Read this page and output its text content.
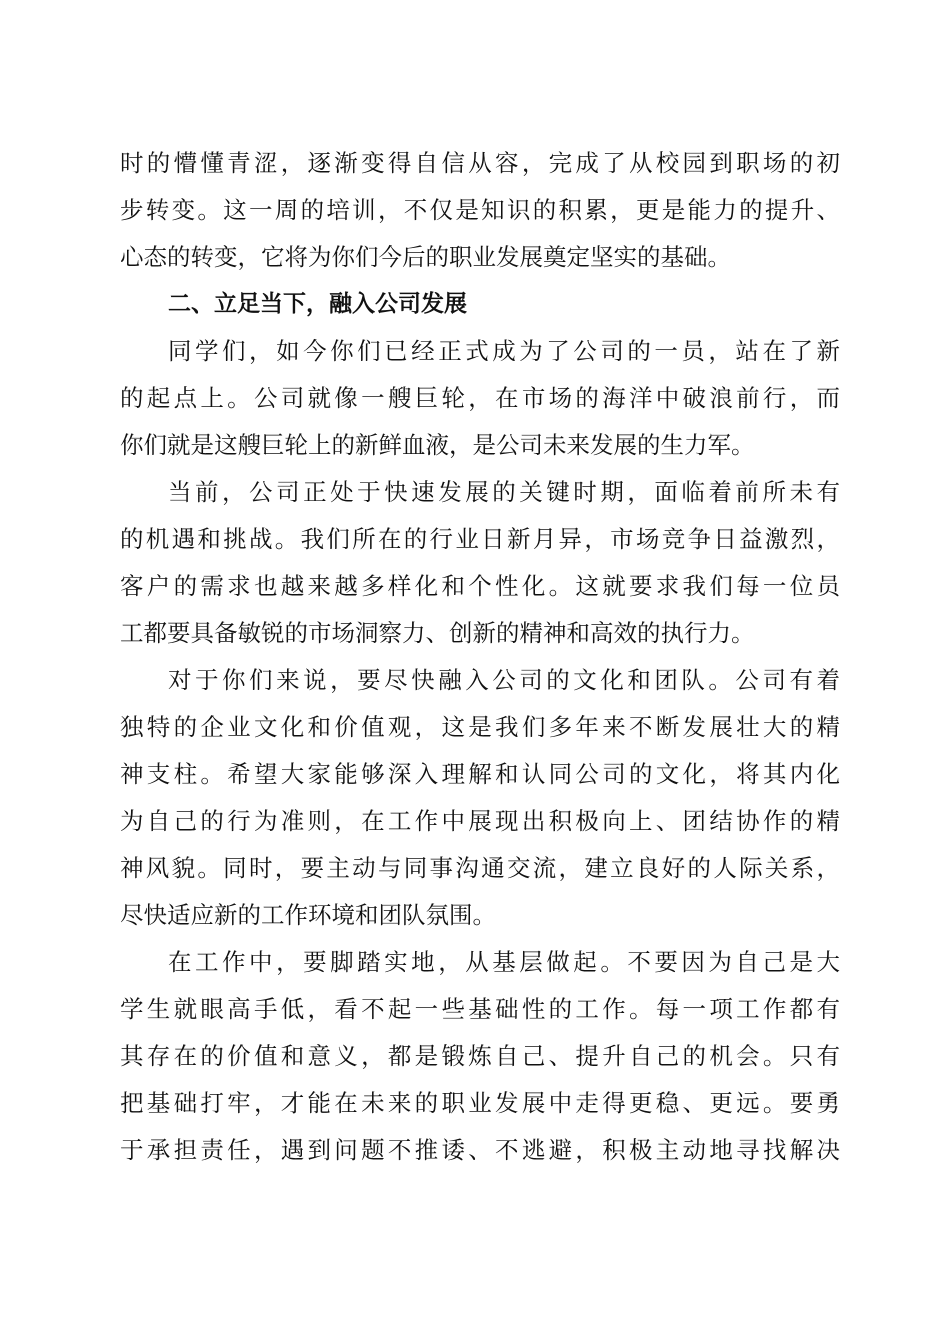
时的懵懂青涩，逐渐变得自信从容，完成了从校园到职场的初
步转变。这一周的培训，不仅是知识的积累，更是能力的提升、
心态的转变，它将为你们今后的职业发展奠定坚实的基础。
二、立足当下，融入公司发展
同学们，如今你们已经正式成为了公司的一员，站在了新
的起点上。公司就像一艘巨轮，在市场的海洋中破浪前行，而
你们就是这艘巨轮上的新鲜血液，是公司未来发展的生力军。
当前，公司正处于快速发展的关键时期，面临着前所未有
的机遇和挑战。我们所在的行业日新月异，市场竞争日益激烈，
客户的需求也越来越多样化和个性化。这就要求我们每一位员
工都要具备敏锐的市场洞察力、创新的精神和高效的执行力。
对于你们来说，要尽快融入公司的文化和团队。公司有着
独特的企业文化和价值观，这是我们多年来不断发展壮大的精
神支柱。希望大家能够深入理解和认同公司的文化，将其内化
为自己的行为准则，在工作中展现出积极向上、团结协作的精
神风貌。同时，要主动与同事沟通交流，建立良好的人际关系，
尽快适应新的工作环境和团队氛围。
在工作中，要脚踏实地，从基层做起。不要因为自己是大
学生就眼高手低，看不起一些基础性的工作。每一项工作都有
其存在的价值和意义，都是锻炼自己、提升自己的机会。只有
把基础打牢，才能在未来的职业发展中走得更稳、更远。要勇
于承担责任，遇到问题不推诿、不逃避，积极主动地寻找解决
